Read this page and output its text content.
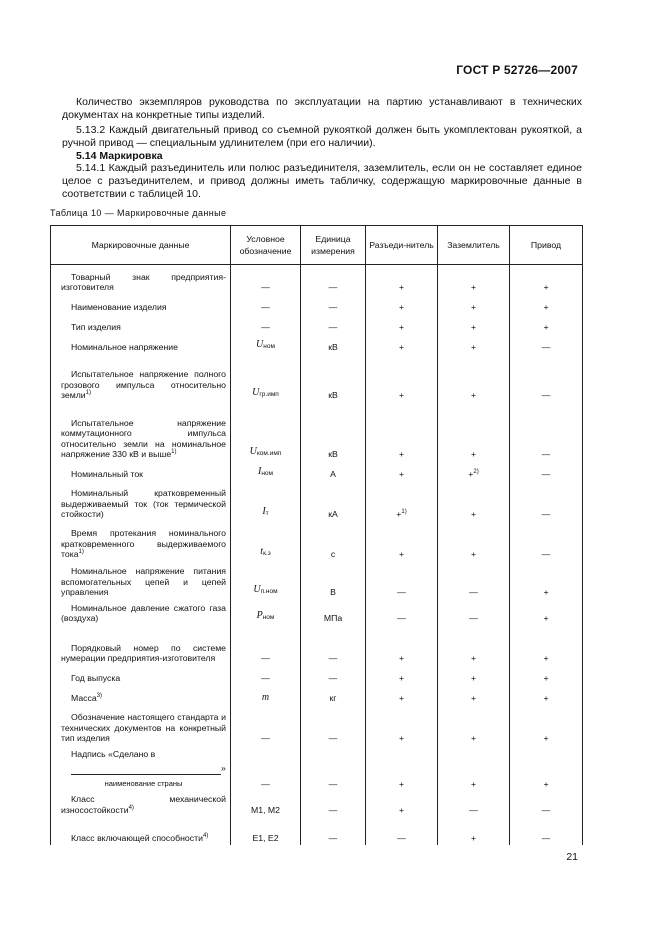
ГОСТ Р 52726—2007
Количество экземпляров руководства по эксплуатации на партию устанавливают в технических документах на конкретные типы изделий.
5.13.2 Каждый двигательный привод со съемной рукояткой должен быть укомплектован рукояткой, а ручной привод — специальным удлинителем (при его наличии).
5.14 Маркировка
5.14.1 Каждый разъединитель или полюс разъединителя, заземлитель, если он не составляет единое целое с разъединителем, и привод должны иметь табличку, содержащую маркировочные данные в соответствии с таблицей 10.
Таблица 10 — Маркировочные данные
Маркировочные данные	Условное обозначение	Единица измерения	Разъеди-нитель	Заземлитель	Привод

Товарный знак предприятия-изготовителя	—	—	+	+	+

Наименование изделия	—	—	+	+	+

Тип изделия	—	—	+	+	+

Номинальное напряжение	Uном	кВ	+	+	—

Испытательное напряжение полного грозового импульса относительно земли$^{1)}$	Uгр.имп	кВ	+	+	—

Испытательное напряжение коммутационного импульса относительно земли на номинальное напряжение 330 кВ и выше$^{1)}$	Uком.имп	кВ	+	+	—

Номинальный ток	Iном	А	+	+$^{2)}$	—

Номинальный кратковременный выдерживаемый ток (ток термической стойкости)	Iт	кА	+$^{1)}$	+	—

Время протекания номинального кратковременного выдерживаемого тока$^{1)}$	tк.з	с	+	+	—

Номинальное напряжение питания вспомогательных цепей и цепей управления	Uп.ном	В	—	—	+

Номинальное давление сжатого газа (воздуха)	Pном	МПа	—	—	+

Порядковый номер по системе нумерации предприятия-изготовителя	—	—	+	+	+

Год выпуска	—	—	+	+	+

Масса$^{3)}$	m	кг	+	+	+

Обозначение настоящего стандарта и технических документов на конкретный тип изделия	—	—	+	+	+

Надпись «Сделано в
»
наименование страны	—	—	+	+	+

Класс механической износостойкости$^{4)}$	М1, М2	—	+	—	—

Класс включающей способности$^{4)}$	Е1, Е2	—	—	+	—
21
